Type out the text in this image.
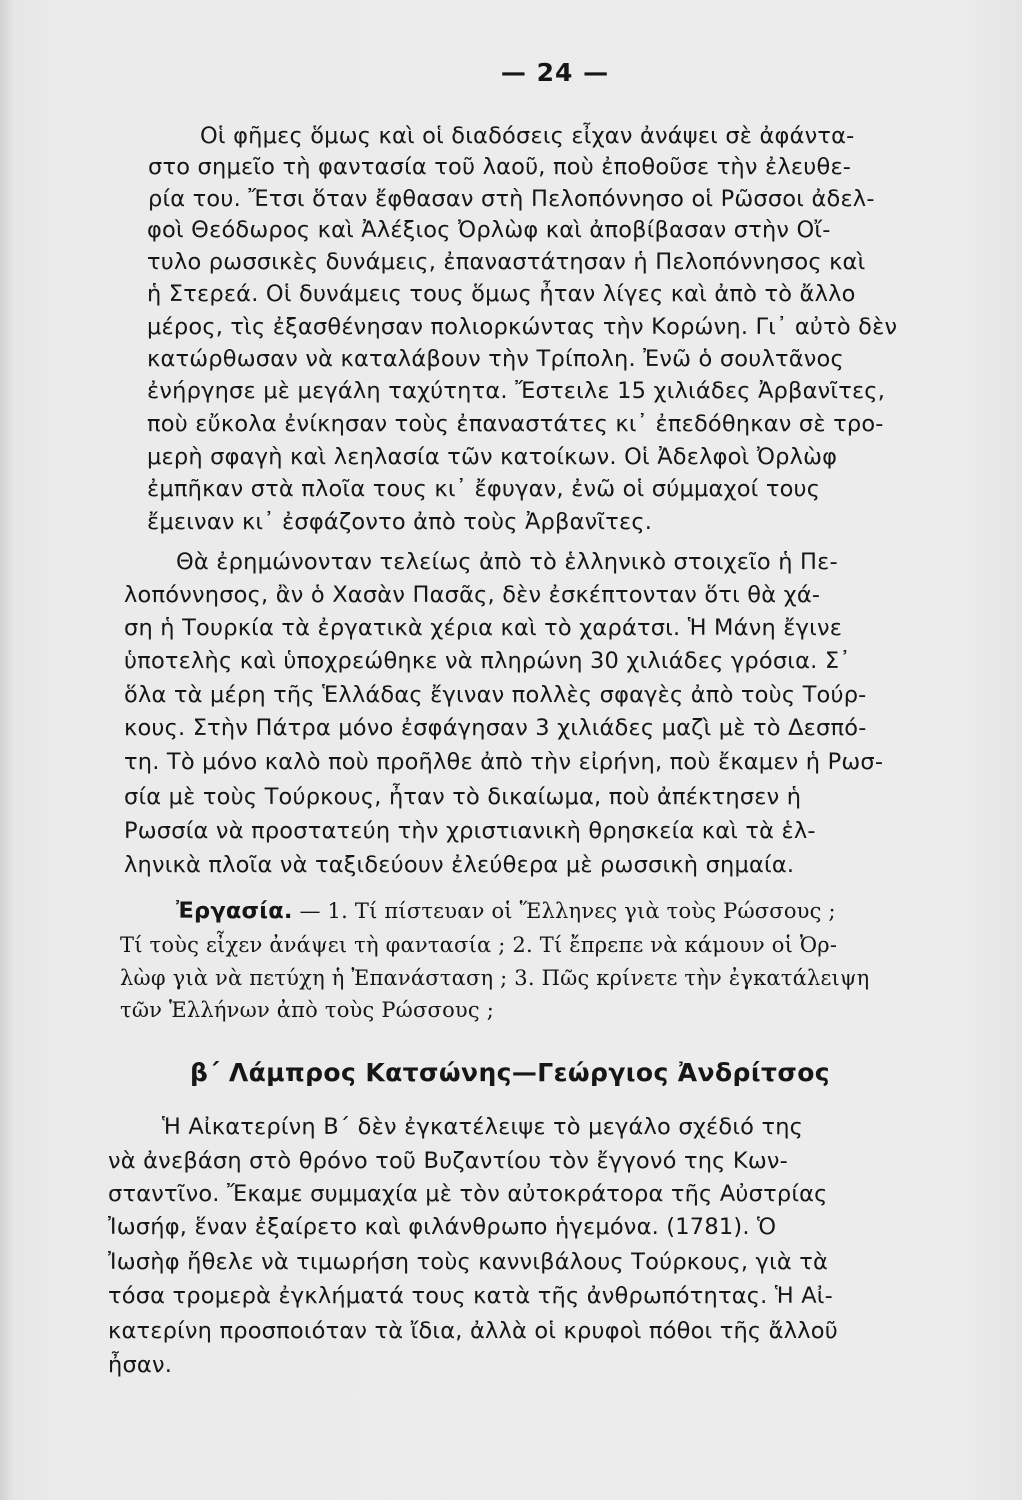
— 24 —
Οἱ φῆμες ὅμως καὶ οἱ διαδόσεις εἶχαν ἀνάψει σὲ ἀφάντα-
στο σημεῖο τὴ φαντασία τοῦ λαοῦ, ποὺ ἐποθοῦσε τὴν ἐλευθε-
ρία του. Ἔτσι ὅταν ἔφθασαν στὴ Πελοπόννησο οἱ Ρῶσσοι ἀδελ-
φοὶ Θεόδωρος καὶ Ἀλέξιος Ὀρλὼφ καὶ ἀποβίβασαν στὴν Οἴ-
τυλο ρωσσικὲς δυνάμεις, ἐπαναστάτησαν ἡ Πελοπόννησος καὶ
ἡ Στερεά. Οἱ δυνάμεις τους ὅμως ἦταν λίγες καὶ ἀπὸ τὸ ἄλλο
μέρος, τὶς ἐξασθένησαν πολιορκώντας τὴν Κορώνη. Γι᾽ αὐτὸ δὲν
κατώρθωσαν νὰ καταλάβουν τὴν Τρίπολη. Ἐνῶ ὁ σουλτᾶνος
ἐνήργησε μὲ μεγάλη ταχύτητα. Ἔστειλε 15 χιλιάδες Ἀρβανῖτες,
ποὺ εὔκολα ἐνίκησαν τοὺς ἐπαναστάτες κι᾽ ἐπεδόθηκαν σὲ τρο-
μερὴ σφαγὴ καὶ λεηλασία τῶν κατοίκων. Οἱ Ἀδελφοὶ Ὀρλὼφ
ἐμπῆκαν στὰ πλοῖα τους κι᾽ ἔφυγαν, ἐνῶ οἱ σύμμαχοί τους
ἔμειναν κι᾽ ἐσφάζοντο ἀπὸ τοὺς Ἀρβανῖτες.
Θὰ ἐρημώνονταν τελείως ἀπὸ τὸ ἑλληνικὸ στοιχεῖο ἡ Πε-
λοπόννησος, ἂν ὁ Χασὰν Πασᾶς, δὲν ἐσκέπτονταν ὅτι θὰ χά-
ση ἡ Τουρκία τὰ ἐργατικὰ χέρια καὶ τὸ χαράτσι. Ἡ Μάνη ἔγινε
ὑποτελὴς καὶ ὑποχρεώθηκε νὰ πληρώνη 30 χιλιάδες γρόσια. Σ᾽
ὅλα τὰ μέρη τῆς Ἑλλάδας ἔγιναν πολλὲς σφαγὲς ἀπὸ τοὺς Τούρ-
κους. Στὴν Πάτρα μόνο ἐσφάγησαν 3 χιλιάδες μαζὶ μὲ τὸ Δεσπό-
τη. Τὸ μόνο καλὸ ποὺ προῆλθε ἀπὸ τὴν εἰρήνη, ποὺ ἔκαμεν ἡ Ρωσ-
σία μὲ τοὺς Τούρκους, ἦταν τὸ δικαίωμα, ποὺ ἀπέκτησεν ἡ
Ρωσσία νὰ προστατεύη τὴν χριστιανικὴ θρησκεία καὶ τὰ ἑλ-
ληνικὰ πλοῖα νὰ ταξιδεύουν ἐλεύθερα μὲ ρωσσικὴ σημαία.
Ἐργασία. — 1. Τί πίστευαν οἱ Ἕλληνες γιὰ τοὺς Ρώσσους ;
Τί τοὺς εἶχεν ἀνάψει τὴ φαντασία ; 2. Τί ἔπρεπε νὰ κάμουν οἱ Ὀρ-
λὼφ γιὰ νὰ πετύχη ἡ Ἐπανάσταση ; 3. Πῶς κρίνετε τὴν ἐγκατάλειψη
τῶν Ἑλλήνων ἀπὸ τοὺς Ρώσσους ;
β΄ Λάμπρος Κατσώνης—Γεώργιος Ἀνδρίτσος
Ἡ Αἰκατερίνη Β΄ δὲν ἐγκατέλειψε τὸ μεγάλο σχέδιό της
νὰ ἀνεβάση στὸ θρόνο τοῦ Βυζαντίου τὸν ἔγγονό της Κων-
σταντῖνο. Ἔκαμε συμμαχία μὲ τὸν αὐτοκράτορα τῆς Αὐστρίας
Ἰωσήφ, ἕναν ἐξαίρετο καὶ φιλάνθρωπο ἡγεμόνα. (1781). Ὁ
Ἰωσὴφ ἤθελε νὰ τιμωρήση τοὺς καννιβάλους Τούρκους, γιὰ τὰ
τόσα τρομερὰ ἐγκλήματά τους κατὰ τῆς ἀνθρωπότητας. Ἡ Αἰ-
κατερίνη προσποιόταν τὰ ἴδια, ἀλλὰ οἱ κρυφοὶ πόθοι τῆς ἄλλοῦ
ἦσαν.
